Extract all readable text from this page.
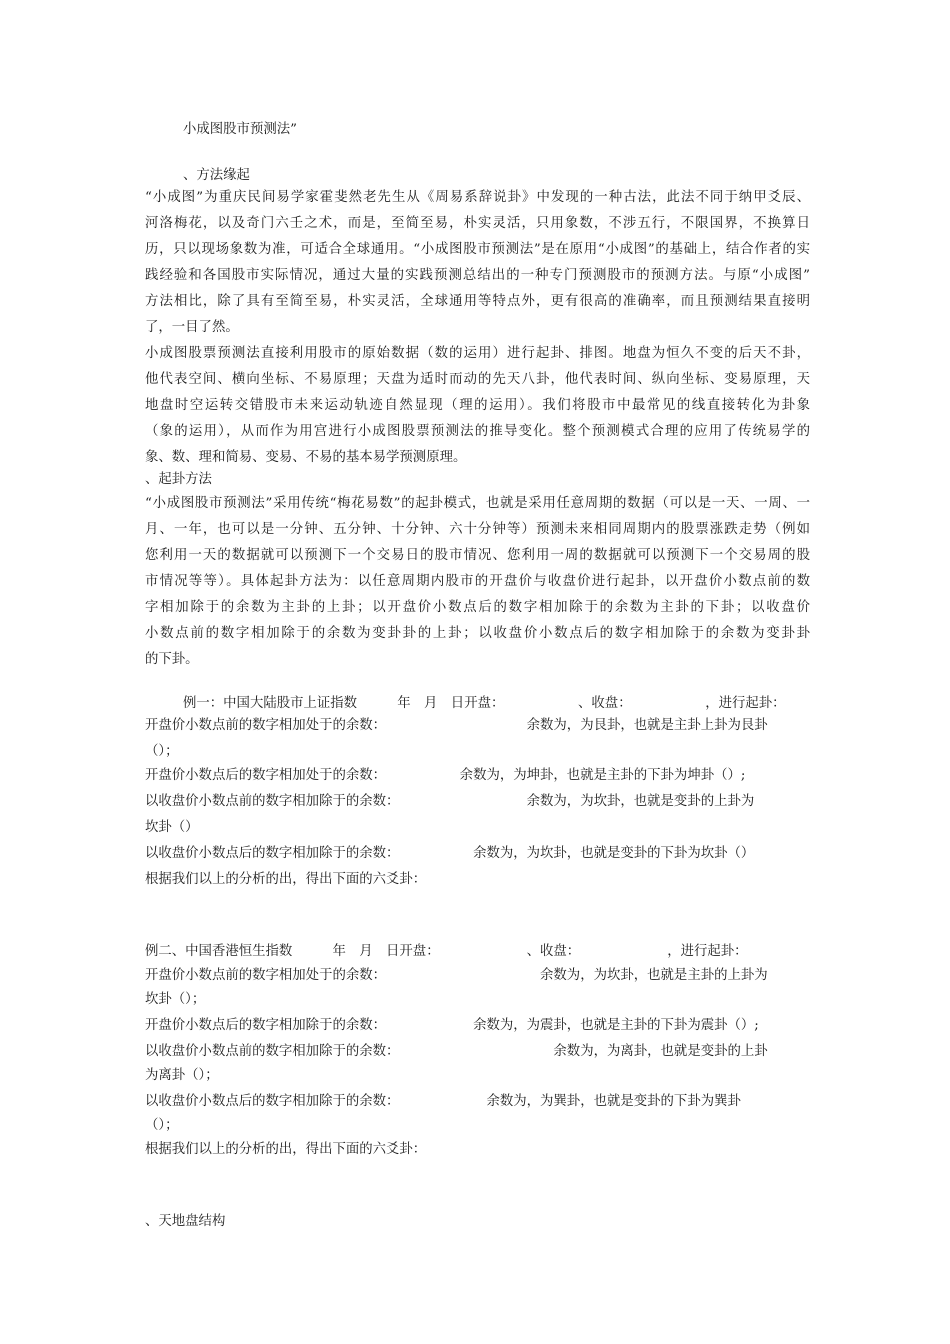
小成图股市预测法”
、方法缘起
“小成图”为重庆民间易学家霍斐然老先生从《周易系辞说卦》中发现的一种古法，此法不同于纳甲爻辰、
河洛梅花，以及奇门六壬之术，而是，至简至易，朴实灵活，只用象数，不涉五行，不限国界，不换算日
历，只以现场象数为准，可适合全球通用。“小成图股市预测法”是在原用“小成图”的基础上，结合作者的实
践经验和各国股市实际情况，通过大量的实践预测总结出的一种专门预测股市的预测方法。与原“小成图”
方法相比，除了具有至简至易，朴实灵活，全球通用等特点外，更有很高的准确率，而且预测结果直接明
了，一目了然。
小成图股票预测法直接利用股市的原始数据（数的运用）进行起卦、排图。地盘为恒久不变的后天不卦，
他代表空间、横向坐标、不易原理；天盘为适时而动的先天八卦，他代表时间、纵向坐标、变易原理，天
地盘时空运转交错股市未来运动轨迹自然显现（理的运用）。我们将股市中最常见的线直接转化为卦象
（象的运用），从而作为用宫进行小成图股票预测法的推导变化。整个预测模式合理的应用了传统易学的
象、数、理和简易、变易、不易的基本易学预测原理。
、起卦方法
“小成图股市预测法”采用传统“梅花易数”的起卦模式，也就是采用任意周期的数据（可以是一天、一周、一
月、一年，也可以是一分钟、五分钟、十分钟、六十分钟等）预测未来相同周期内的股票涨跌走势（例如
您利用一天的数据就可以预测下一个交易日的股市情况、您利用一周的数据就可以预测下一个交易周的股
市情况等等）。具体起卦方法为：以任意周期内股市的开盘价与收盘价进行起卦，以开盘价小数点前的数
字相加除于的余数为主卦的上卦；以开盘价小数点后的数字相加除于的余数为主卦的下卦；以收盘价
小数点前的数字相加除于的余数为变卦卦的上卦；以收盘价小数点后的数字相加除于的余数为变卦卦
的下卦。
例一：中国大陆股市上证指数　　　年　月　日开盘：　　　　　　、收盘：　　　　　　，进行起卦：
开盘价小数点前的数字相加处于的余数：　　　　　　　　　　　余数为，为艮卦，也就是主卦上卦为艮卦
（）；
开盘价小数点后的数字相加处于的余数：　　　　　　余数为，为坤卦，也就是主卦的下卦为坤卦（）;
以收盘价小数点前的数字相加除于的余数：　　　　　　　　　　余数为，为坎卦，也就是变卦的上卦为
坎卦（）
以收盘价小数点后的数字相加除于的余数：　　　　　　余数为，为坎卦，也就是变卦的下卦为坎卦（）
根据我们以上的分析的出，得出下面的六爻卦：
例二、中国香港恒生指数　　　年　月　日开盘：　　　　　　　、收盘：　　　　　　　，进行起卦：
开盘价小数点前的数字相加处于的余数：　　　　　　　　　　　　余数为，为坎卦，也就是主卦的上卦为
坎卦（）；
开盘价小数点后的数字相加除于的余数：　　　　　　　余数为，为震卦，也就是主卦的下卦为震卦（）;
以收盘价小数点前的数字相加除于的余数：　　　　　　　　　　　　余数为，为离卦，也就是变卦的上卦
为离卦（）；
以收盘价小数点后的数字相加除于的余数：　　　　　　　余数为，为巽卦，也就是变卦的下卦为巽卦
（）；
根据我们以上的分析的出，得出下面的六爻卦：
、天地盘结构
